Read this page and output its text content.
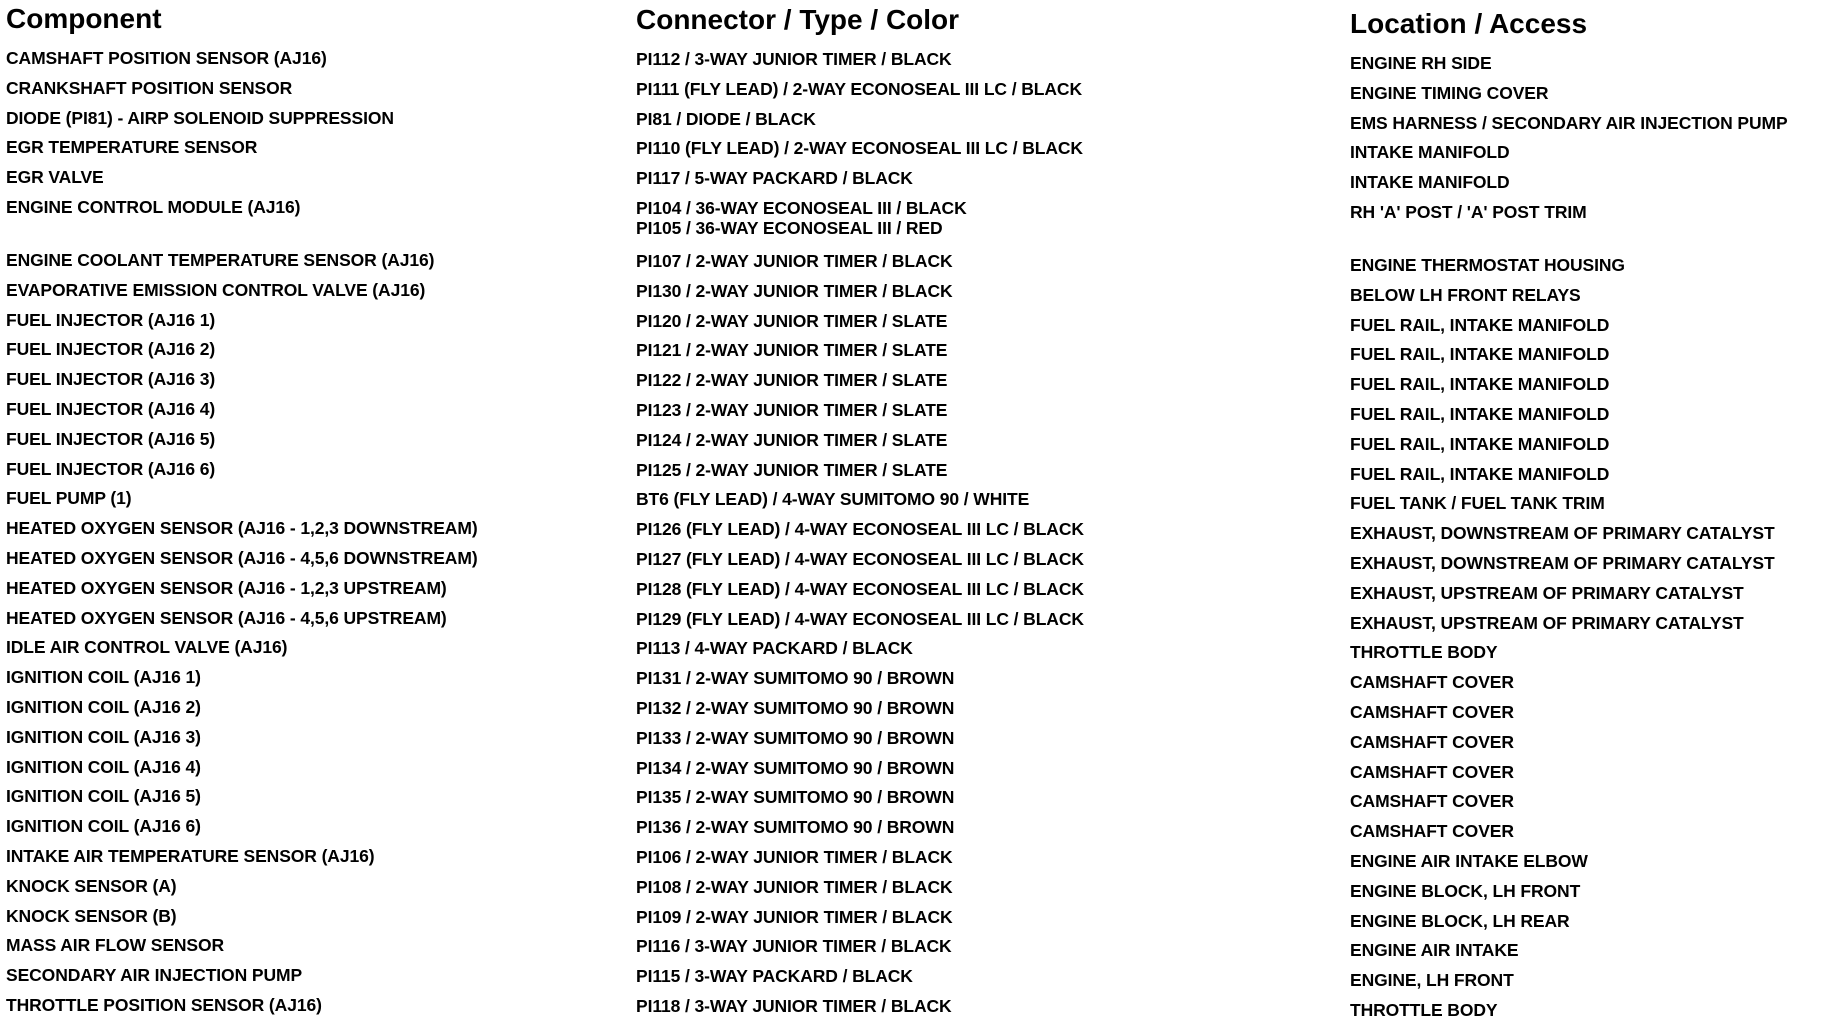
Component
CAMSHAFT POSITION SENSOR (AJ16)
CRANKSHAFT POSITION SENSOR
DIODE (PI81) - AIRP SOLENOID SUPPRESSION
EGR TEMPERATURE SENSOR
EGR VALVE
ENGINE CONTROL MODULE (AJ16)
ENGINE COOLANT TEMPERATURE SENSOR (AJ16)
EVAPORATIVE EMISSION CONTROL VALVE (AJ16)
FUEL INJECTOR (AJ16 1)
FUEL INJECTOR (AJ16 2)
FUEL INJECTOR (AJ16 3)
FUEL INJECTOR (AJ16 4)
FUEL INJECTOR (AJ16 5)
FUEL INJECTOR (AJ16 6)
FUEL PUMP (1)
HEATED OXYGEN SENSOR (AJ16 - 1,2,3 DOWNSTREAM)
HEATED OXYGEN SENSOR (AJ16 - 4,5,6 DOWNSTREAM)
HEATED OXYGEN SENSOR (AJ16 - 1,2,3 UPSTREAM)
HEATED OXYGEN SENSOR (AJ16 - 4,5,6 UPSTREAM)
IDLE AIR CONTROL VALVE (AJ16)
IGNITION COIL (AJ16 1)
IGNITION COIL (AJ16 2)
IGNITION COIL (AJ16 3)
IGNITION COIL (AJ16 4)
IGNITION COIL (AJ16 5)
IGNITION COIL (AJ16 6)
INTAKE AIR TEMPERATURE SENSOR (AJ16)
KNOCK SENSOR (A)
KNOCK SENSOR (B)
MASS AIR FLOW SENSOR
SECONDARY AIR INJECTION PUMP
THROTTLE POSITION SENSOR (AJ16)
Connector / Type / Color
PI112 / 3-WAY JUNIOR TIMER / BLACK
PI111 (FLY LEAD) / 2-WAY ECONOSEAL III LC / BLACK
PI81 / DIODE / BLACK
PI110 (FLY LEAD) / 2-WAY ECONOSEAL III LC / BLACK
PI117 / 5-WAY PACKARD / BLACK
PI104 / 36-WAY ECONOSEAL III / BLACK
PI105 / 36-WAY ECONOSEAL III / RED
PI107 / 2-WAY JUNIOR TIMER / BLACK
PI130 / 2-WAY JUNIOR TIMER / BLACK
PI120 / 2-WAY JUNIOR TIMER / SLATE
PI121 / 2-WAY JUNIOR TIMER / SLATE
PI122 / 2-WAY JUNIOR TIMER / SLATE
PI123 / 2-WAY JUNIOR TIMER / SLATE
PI124 / 2-WAY JUNIOR TIMER / SLATE
PI125 / 2-WAY JUNIOR TIMER / SLATE
BT6 (FLY LEAD) / 4-WAY SUMITOMO 90 / WHITE
PI126 (FLY LEAD) / 4-WAY ECONOSEAL III LC / BLACK
PI127 (FLY LEAD) / 4-WAY ECONOSEAL III LC / BLACK
PI128 (FLY LEAD) / 4-WAY ECONOSEAL III LC / BLACK
PI129 (FLY LEAD) / 4-WAY ECONOSEAL III LC / BLACK
PI113 / 4-WAY PACKARD / BLACK
PI131 / 2-WAY SUMITOMO 90 / BROWN
PI132 / 2-WAY SUMITOMO 90 / BROWN
PI133 / 2-WAY SUMITOMO 90 / BROWN
PI134 / 2-WAY SUMITOMO 90 / BROWN
PI135 / 2-WAY SUMITOMO 90 / BROWN
PI136 / 2-WAY SUMITOMO 90 / BROWN
PI106 / 2-WAY JUNIOR TIMER / BLACK
PI108 / 2-WAY JUNIOR TIMER / BLACK
PI109 / 2-WAY JUNIOR TIMER / BLACK
PI116 / 3-WAY JUNIOR TIMER / BLACK
PI115 / 3-WAY PACKARD / BLACK
PI118 / 3-WAY JUNIOR TIMER / BLACK
Location / Access
ENGINE RH SIDE
ENGINE TIMING COVER
EMS HARNESS / SECONDARY AIR INJECTION PUMP
INTAKE MANIFOLD
INTAKE MANIFOLD
RH 'A' POST / 'A' POST TRIM
ENGINE THERMOSTAT HOUSING
BELOW LH FRONT RELAYS
FUEL RAIL, INTAKE MANIFOLD
FUEL RAIL, INTAKE MANIFOLD
FUEL RAIL, INTAKE MANIFOLD
FUEL RAIL, INTAKE MANIFOLD
FUEL RAIL, INTAKE MANIFOLD
FUEL RAIL, INTAKE MANIFOLD
FUEL TANK / FUEL TANK TRIM
EXHAUST, DOWNSTREAM OF PRIMARY CATALYST
EXHAUST, DOWNSTREAM OF PRIMARY CATALYST
EXHAUST, UPSTREAM OF PRIMARY CATALYST
EXHAUST, UPSTREAM OF PRIMARY CATALYST
THROTTLE BODY
CAMSHAFT COVER
CAMSHAFT COVER
CAMSHAFT COVER
CAMSHAFT COVER
CAMSHAFT COVER
CAMSHAFT COVER
ENGINE AIR INTAKE ELBOW
ENGINE BLOCK, LH FRONT
ENGINE BLOCK, LH REAR
ENGINE AIR INTAKE
ENGINE, LH FRONT
THROTTLE BODY
